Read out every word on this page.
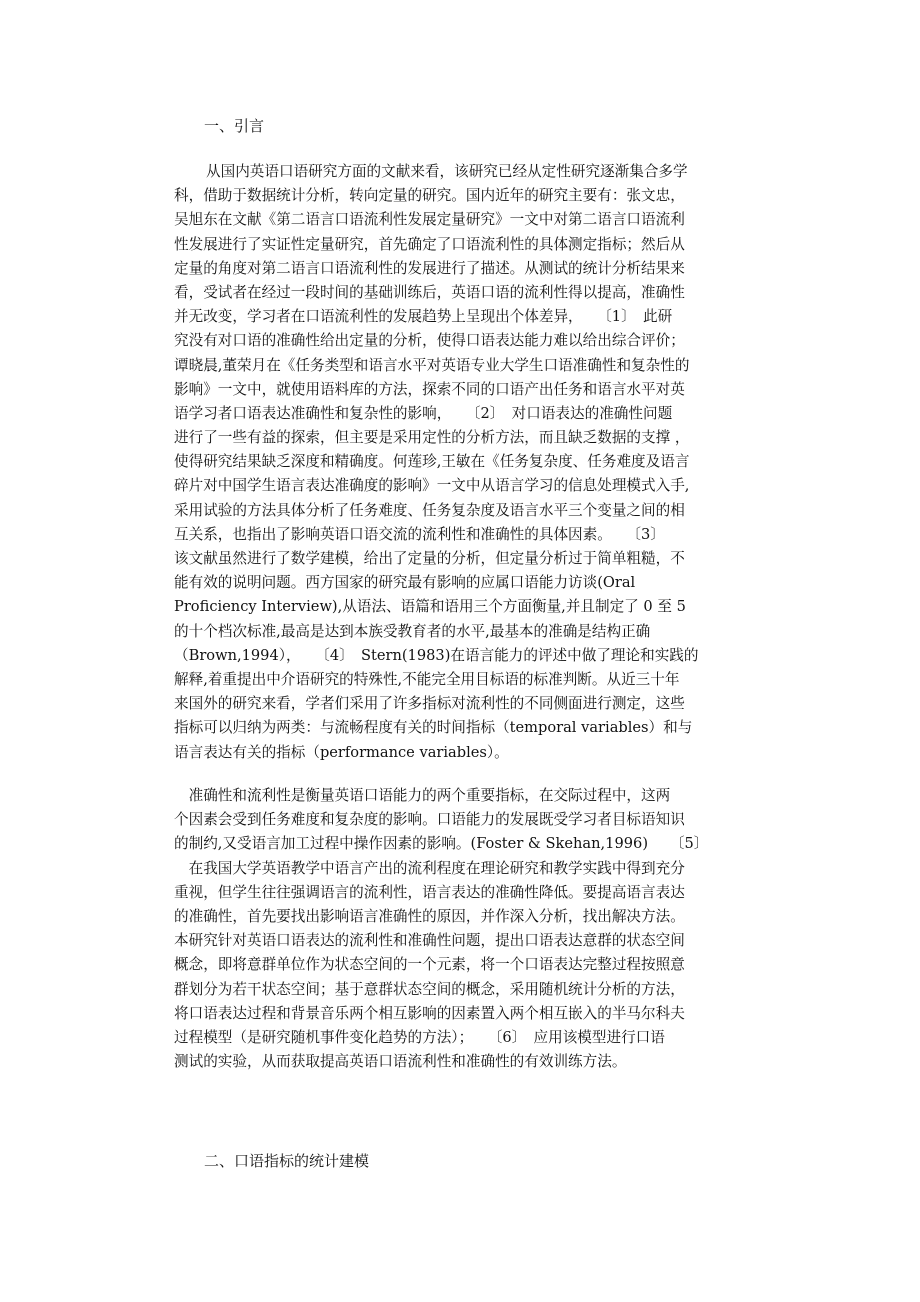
一、引言
从国内英语口语研究方面的文献来看，该研究已经从定性研究逐渐集合多学
科，借助于数据统计分析，转向定量的研究。国内近年的研究主要有：张文忠，
吴旭东在文献《第二语言口语流利性发展定量研究》一文中对第二语言口语流利
性发展进行了实证性定量研究，首先确定了口语流利性的具体测定指标；然后从
定量的角度对第二语言口语流利性的发展进行了描述。从测试的统计分析结果来
看，受试者在经过一段时间的基础训练后，英语口语的流利性得以提高，准确性
并无改变，学习者在口语流利性的发展趋势上呈现出个体差异，　　〔1〕　此研
究没有对口语的准确性给出定量的分析，使得口语表达能力难以给出综合评价；
谭晓晨,董荣月在《任务类型和语言水平对英语专业大学生口语准确性和复杂性的
影响》一文中，就使用语料库的方法，探索不同的口语产出任务和语言水平对英
语学习者口语表达准确性和复杂性的影响，　　〔2〕　对口语表达的准确性问题
进行了一些有益的探索，但主要是采用定性的分析方法，而且缺乏数据的支撑 ，
使得研究结果缺乏深度和精确度。何莲珍,王敏在《任务复杂度、任务难度及语言
碎片对中国学生语言表达准确度的影响》一文中从语言学习的信息处理模式入手,
采用试验的方法具体分析了任务难度、任务复杂度及语言水平三个变量之间的相
互关系，也指出了影响英语口语交流的流利性和准确性的具体因素。　　〔3〕
该文献虽然进行了数学建模，给出了定量的分析，但定量分析过于简单粗糙，不
能有效的说明问题。西方国家的研究最有影响的应属口语能力访谈(Oral
Proficiency Interview),从语法、语篇和语用三个方面衡量,并且制定了 0 至 5
的十个档次标准,最高是达到本族受教育者的水平,最基本的准确是结构正确
（Brown,1994），　　〔4〕　Stern(1983)在语言能力的评述中做了理论和实践的
解释,着重提出中介语研究的特殊性,不能完全用目标语的标准判断。从近三十年
来国外的研究来看，学者们采用了许多指标对流利性的不同侧面进行测定，这些
指标可以归纳为两类：与流畅程度有关的时间指标（temporal variables）和与
语言表达有关的指标（performance variables）。
　准确性和流利性是衡量英语口语能力的两个重要指标，在交际过程中，这两
个因素会受到任务难度和复杂度的影响。口语能力的发展既受学习者目标语知识
的制约,又受语言加工过程中操作因素的影响。(Foster & Skehan,1996)　　〔5〕
　在我国大学英语教学中语言产出的流利程度在理论研究和教学实践中得到充分
重视，但学生往往强调语言的流利性，语言表达的准确性降低。要提高语言表达
的准确性，首先要找出影响语言准确性的原因，并作深入分析，找出解决方法。
本研究针对英语口语表达的流利性和准确性问题，提出口语表达意群的状态空间
概念，即将意群单位作为状态空间的一个元素，将一个口语表达完整过程按照意
群划分为若干状态空间；基于意群状态空间的概念，采用随机统计分析的方法，
将口语表达过程和背景音乐两个相互影响的因素置入两个相互嵌入的半马尔科夫
过程模型（是研究随机事件变化趋势的方法）；　　〔6〕　应用该模型进行口语
测试的实验，从而获取提高英语口语流利性和准确性的有效训练方法。
二、口语指标的统计建模
